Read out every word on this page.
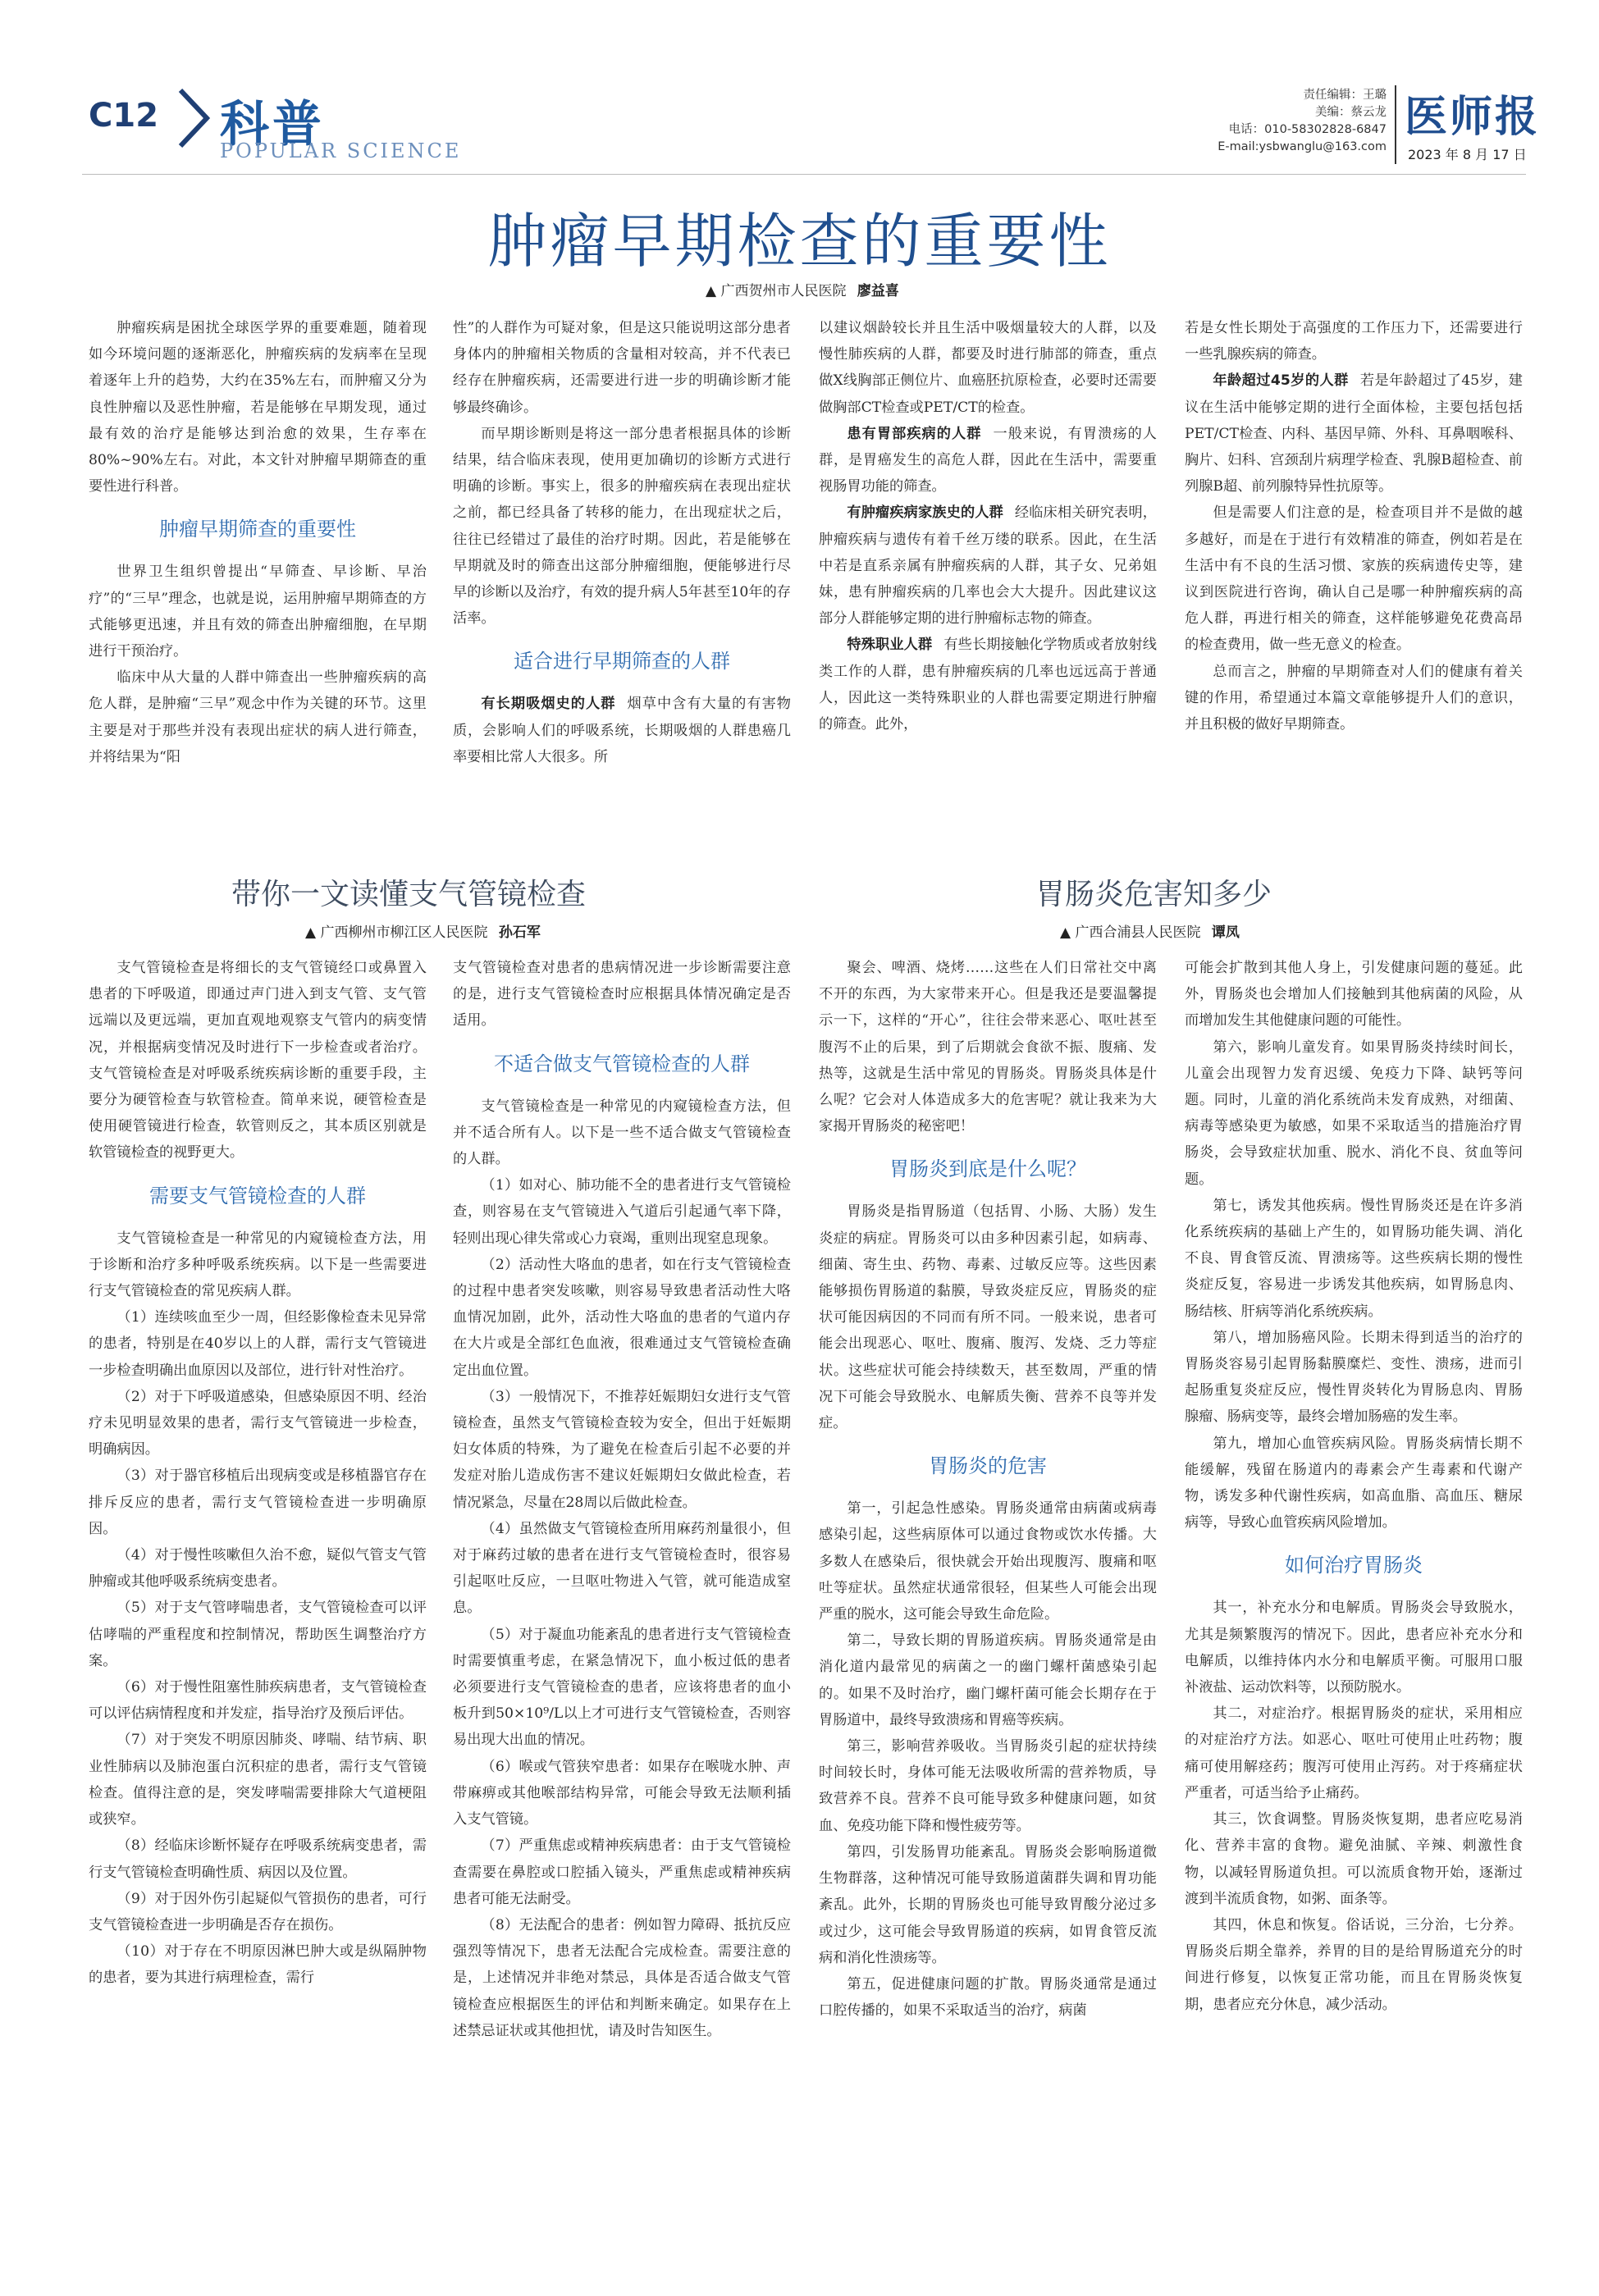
C12 科普
POPULAR SCIENCE
责任编辑：王璐
美编：蔡云龙
电话：010-58302828-6847
E-mail:ysbwanglu@163.com
医师报
2023 年 8 月 17 日
肿瘤早期检查的重要性
▲ 广西贺州市人民医院 廖益喜

肿瘤疾病是困扰全球医学界的重要难题，随着现如今环境问题的逐渐恶化，肿瘤疾病的发病率在呈现着逐年上升的趋势，大约在35%左右，而肿瘤又分为良性肿瘤以及恶性肿瘤，若是能够在早期发现，通过最有效的治疗是能够达到治愈的效果，生存率在80%~90%左右。对此，本文针对肿瘤早期筛查的重要性进行科普。

肿瘤早期筛查的重要性

世界卫生组织曾提出“早筛查、早诊断、早治疗”的“三早”理念，也就是说，运用肿瘤早期筛查的方式能够更迅速，并且有效的筛查出肿瘤细胞，在早期进行干预治疗。

临床中从大量的人群中筛查出一些肿瘤疾病的高危人群，是肿瘤“三早”观念中作为关键的环节。这里主要是对于那些并没有表现出症状的病人进行筛查，并将结果为“阳

性”的人群作为可疑对象，但是这只能说明这部分患者身体内的肿瘤相关物质的含量相对较高，并不代表已经存在肿瘤疾病，还需要进行进一步的明确诊断才能够最终确诊。

而早期诊断则是将这一部分患者根据具体的诊断结果，结合临床表现，使用更加确切的诊断方式进行明确的诊断。事实上，很多的肿瘤疾病在表现出症状之前，都已经具备了转移的能力，在出现症状之后，往往已经错过了最佳的治疗时期。因此，若是能够在早期就及时的筛查出这部分肿瘤细胞，便能够进行尽早的诊断以及治疗，有效的提升病人5年甚至10年的存活率。

适合进行早期筛查的人群

有长期吸烟史的人群 烟草中含有大量的有害物质，会影响人们的呼吸系统，长期吸烟的人群患癌几率要相比常人大很多。所

以建议烟龄较长并且生活中吸烟量较大的人群，以及慢性肺疾病的人群，都要及时进行肺部的筛查，重点做X线胸部正侧位片、血癌胚抗原检查，必要时还需要做胸部CT检查或PET/CT的检查。

患有胃部疾病的人群 一般来说，有胃溃疡的人群，是胃癌发生的高危人群，因此在生活中，需要重视肠胃功能的筛查。

有肿瘤疾病家族史的人群 经临床相关研究表明，肿瘤疾病与遗传有着千丝万缕的联系。因此，在生活中若是直系亲属有肿瘤疾病的人群，其子女、兄弟姐妹，患有肿瘤疾病的几率也会大大提升。因此建议这部分人群能够定期的进行肿瘤标志物的筛查。

特殊职业人群 有些长期接触化学物质或者放射线类工作的人群，患有肿瘤疾病的几率也远远高于普通人，因此这一类特殊职业的人群也需要定期进行肿瘤的筛查。此外，

若是女性长期处于高强度的工作压力下，还需要进行一些乳腺疾病的筛查。

年龄超过45岁的人群 若是年龄超过了45岁，建议在生活中能够定期的进行全面体检，主要包括包括PET/CT检查、内科、基因早筛、外科、耳鼻咽喉科、胸片、妇科、宫颈刮片病理学检查、乳腺B超检查、前列腺B超、前列腺特异性抗原等。

但是需要人们注意的是，检查项目并不是做的越多越好，而是在于进行有效精准的筛查，例如若是在生活中有不良的生活习惯、家族的疾病遗传史等，建议到医院进行咨询，确认自己是哪一种肿瘤疾病的高危人群，再进行相关的筛查，这样能够避免花费高昂的检查费用，做一些无意义的检查。

总而言之，肿瘤的早期筛查对人们的健康有着关键的作用，希望通过本篇文章能够提升人们的意识，并且积极的做好早期筛查。

带你一文读懂支气管镜检查
▲ 广西柳州市柳江区人民医院 孙石军

支气管镜检查是将细长的支气管镜经口或鼻置入患者的下呼吸道，即通过声门进入到支气管、支气管远端以及更远端，更加直观地观察支气管内的病变情况，并根据病变情况及时进行下一步检查或者治疗。支气管镜检查是对呼吸系统疾病诊断的重要手段，主要分为硬管检查与软管检查。简单来说，硬管检查是使用硬管镜进行检查，软管则反之，其本质区别就是软管镜检查的视野更大。

需要支气管镜检查的人群

支气管镜检查是一种常见的内窥镜检查方法，用于诊断和治疗多种呼吸系统疾病。以下是一些需要进行支气管镜检查的常见疾病人群。

（1）连续咳血至少一周，但经影像检查未见异常的患者，特别是在40岁以上的人群，需行支气管镜进一步检查明确出血原因以及部位，进行针对性治疗。

（2）对于下呼吸道感染，但感染原因不明、经治疗未见明显效果的患者，需行支气管镜进一步检查，明确病因。

（3）对于器官移植后出现病变或是移植器官存在排斥反应的患者，需行支气管镜检查进一步明确原因。

（4）对于慢性咳嗽但久治不愈，疑似气管支气管肿瘤或其他呼吸系统病变患者。

（5）对于支气管哮喘患者，支气管镜检查可以评估哮喘的严重程度和控制情况，帮助医生调整治疗方案。

（6）对于慢性阻塞性肺疾病患者，支气管镜检查可以评估病情程度和并发症，指导治疗及预后评估。

（7）对于突发不明原因肺炎、哮喘、结节病、职业性肺病以及肺泡蛋白沉积症的患者，需行支气管镜检查。值得注意的是，突发哮喘需要排除大气道梗阻或狭窄。

（8）经临床诊断怀疑存在呼吸系统病变患者，需行支气管镜检查明确性质、病因以及位置。

（9）对于因外伤引起疑似气管损伤的患者，可行支气管镜检查进一步明确是否存在损伤。

（10）对于存在不明原因淋巴肿大或是纵隔肿物的患者，要为其进行病理检查，需行

支气管镜检查对患者的患病情况进一步诊断需要注意的是，进行支气管镜检查时应根据具体情况确定是否适用。

不适合做支气管镜检查的人群

支气管镜检查是一种常见的内窥镜检查方法，但并不适合所有人。以下是一些不适合做支气管镜检查的人群。

（1）如对心、肺功能不全的患者进行支气管镜检查，则容易在支气管镜进入气道后引起通气率下降，轻则出现心律失常或心力衰竭，重则出现窒息现象。

（2）活动性大咯血的患者，如在行支气管镜检查的过程中患者突发咳嗽，则容易导致患者活动性大咯血情况加剧，此外，活动性大咯血的患者的气道内存在大片或是全部红色血液，很难通过支气管镜检查确定出血位置。

（3）一般情况下，不推荐妊娠期妇女进行支气管镜检查，虽然支气管镜检查较为安全，但出于妊娠期妇女体质的特殊，为了避免在检查后引起不必要的并发症对胎儿造成伤害不建议妊娠期妇女做此检查，若情况紧急，尽量在28周以后做此检查。

（4）虽然做支气管镜检查所用麻药剂量很小，但对于麻药过敏的患者在进行支气管镜检查时，很容易引起呕吐反应，一旦呕吐物进入气管，就可能造成窒息。

（5）对于凝血功能紊乱的患者进行支气管镜检查时需要慎重考虑，在紧急情况下，血小板过低的患者必须要进行支气管镜检查的患者，应该将患者的血小板升到50×10⁹/L以上才可进行支气管镜检查，否则容易出现大出血的情况。

（6）喉或气管狭窄患者：如果存在喉咙水肿、声带麻痹或其他喉部结构异常，可能会导致无法顺利插入支气管镜。

（7）严重焦虑或精神疾病患者：由于支气管镜检查需要在鼻腔或口腔插入镜头，严重焦虑或精神疾病患者可能无法耐受。

（8）无法配合的患者：例如智力障碍、抵抗反应强烈等情况下，患者无法配合完成检查。需要注意的是，上述情况并非绝对禁忌，具体是否适合做支气管镜检查应根据医生的评估和判断来确定。如果存在上述禁忌证状或其他担忧，请及时告知医生。

胃肠炎危害知多少
▲ 广西合浦县人民医院 谭凤

聚会、啤酒、烧烤……这些在人们日常社交中离不开的东西，为大家带来开心。但是我还是要温馨提示一下，这样的“开心”，往往会带来恶心、呕吐甚至腹泻不止的后果，到了后期就会食欲不振、腹痛、发热等，这就是生活中常见的胃肠炎。胃肠炎具体是什么呢？它会对人体造成多大的危害呢？就让我来为大家揭开胃肠炎的秘密吧！

胃肠炎到底是什么呢？

胃肠炎是指胃肠道（包括胃、小肠、大肠）发生炎症的病症。胃肠炎可以由多种因素引起，如病毒、细菌、寄生虫、药物、毒素、过敏反应等。这些因素能够损伤胃肠道的黏膜，导致炎症反应，胃肠炎的症状可能因病因的不同而有所不同。一般来说，患者可能会出现恶心、呕吐、腹痛、腹泻、发烧、乏力等症状。这些症状可能会持续数天，甚至数周，严重的情况下可能会导致脱水、电解质失衡、营养不良等并发症。

胃肠炎的危害

第一，引起急性感染。胃肠炎通常由病菌或病毒感染引起，这些病原体可以通过食物或饮水传播。大多数人在感染后，很快就会开始出现腹泻、腹痛和呕吐等症状。虽然症状通常很轻，但某些人可能会出现严重的脱水，这可能会导致生命危险。

第二，导致长期的胃肠道疾病。胃肠炎通常是由消化道内最常见的病菌之一的幽门螺杆菌感染引起的。如果不及时治疗，幽门螺杆菌可能会长期存在于胃肠道中，最终导致溃疡和胃癌等疾病。

第三，影响营养吸收。当胃肠炎引起的症状持续时间较长时，身体可能无法吸收所需的营养物质，导致营养不良。营养不良可能导致多种健康问题，如贫血、免疫功能下降和慢性疲劳等。

第四，引发肠胃功能紊乱。胃肠炎会影响肠道微生物群落，这种情况可能导致肠道菌群失调和胃功能紊乱。此外，长期的胃肠炎也可能导致胃酸分泌过多或过少，这可能会导致胃肠道的疾病，如胃食管反流病和消化性溃疡等。

第五，促进健康问题的扩散。胃肠炎通常是通过口腔传播的，如果不采取适当的治疗，病菌

可能会扩散到其他人身上，引发健康问题的蔓延。此外，胃肠炎也会增加人们接触到其他病菌的风险，从而增加发生其他健康问题的可能性。

第六，影响儿童发育。如果胃肠炎持续时间长，儿童会出现智力发育迟缓、免疫力下降、缺钙等问题。同时，儿童的消化系统尚未发育成熟，对细菌、病毒等感染更为敏感，如果不采取适当的措施治疗胃肠炎，会导致症状加重、脱水、消化不良、贫血等问题。

第七，诱发其他疾病。慢性胃肠炎还是在许多消化系统疾病的基础上产生的，如胃肠功能失调、消化不良、胃食管反流、胃溃疡等。这些疾病长期的慢性炎症反复，容易进一步诱发其他疾病，如胃肠息肉、肠结核、肝病等消化系统疾病。

第八，增加肠癌风险。长期未得到适当的治疗的胃肠炎容易引起胃肠黏膜糜烂、变性、溃疡，进而引起肠重复炎症反应，慢性胃炎转化为胃肠息肉、胃肠腺瘤、肠病变等，最终会增加肠癌的发生率。

第九，增加心血管疾病风险。胃肠炎病情长期不能缓解，残留在肠道内的毒素会产生毒素和代谢产物，诱发多种代谢性疾病，如高血脂、高血压、糖尿病等，导致心血管疾病风险增加。

如何治疗胃肠炎

其一，补充水分和电解质。胃肠炎会导致脱水，尤其是频繁腹泻的情况下。因此，患者应补充水分和电解质，以维持体内水分和电解质平衡。可服用口服补液盐、运动饮料等，以预防脱水。

其二，对症治疗。根据胃肠炎的症状，采用相应的对症治疗方法。如恶心、呕吐可使用止吐药物；腹痛可使用解痉药；腹泻可使用止泻药。对于疼痛症状严重者，可适当给予止痛药。

其三，饮食调整。胃肠炎恢复期，患者应吃易消化、营养丰富的食物。避免油腻、辛辣、刺激性食物，以减轻胃肠道负担。可以流质食物开始，逐渐过渡到半流质食物，如粥、面条等。

其四，休息和恢复。俗话说，三分治，七分养。胃肠炎后期全靠养，养胃的目的是给胃肠道充分的时间进行修复，以恢复正常功能，而且在胃肠炎恢复期，患者应充分休息，减少活动。
